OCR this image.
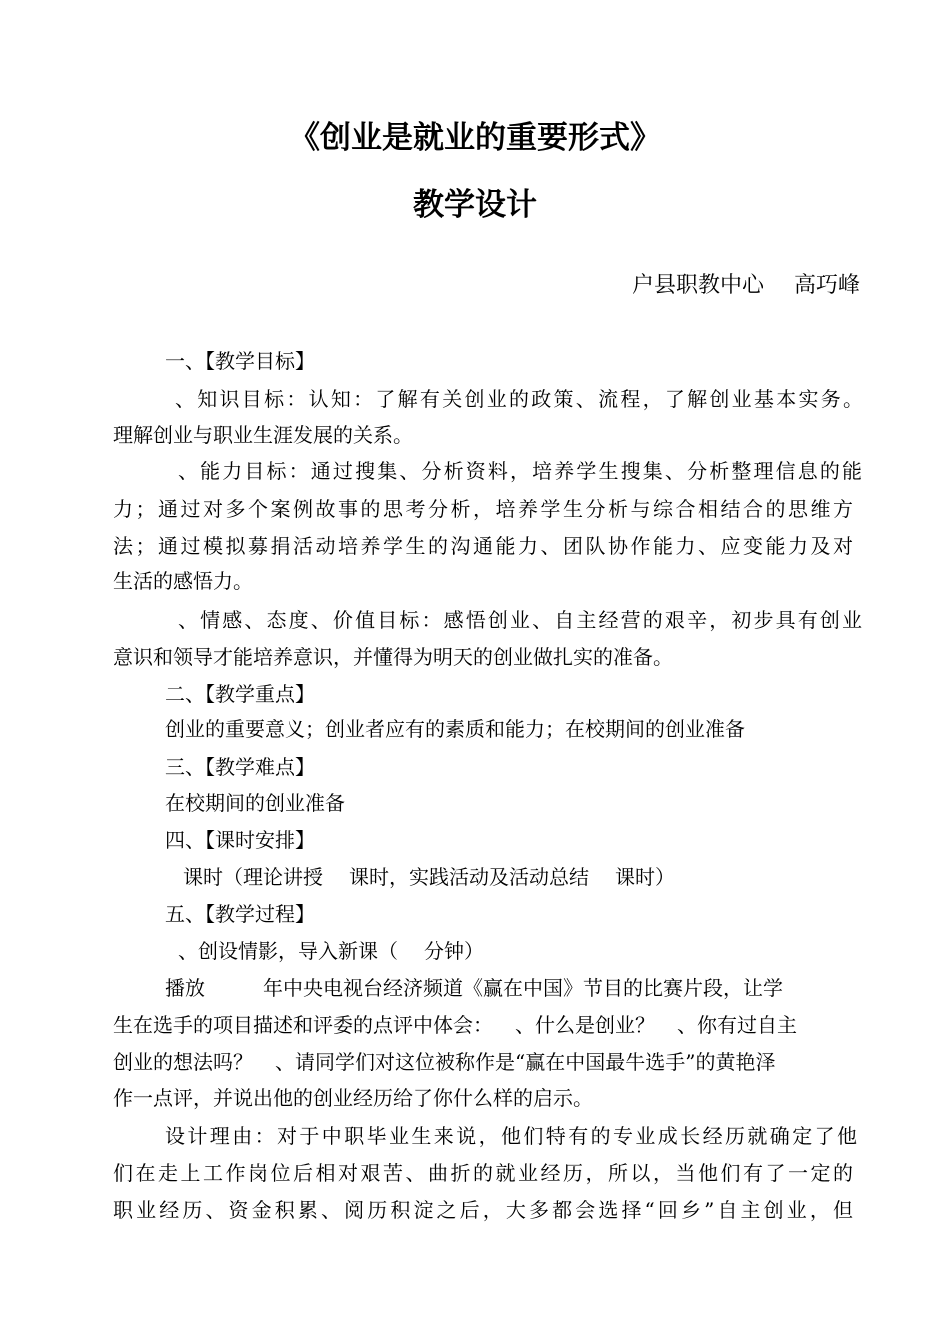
《创业是就业的重要形式》
教学设计
户县职教中心 高巧峰
一、【教学目标】
、知识目标：认知：了解有关创业的政策、流程，了解创业基本实务。
理解创业与职业生涯发展的关系。
、能力目标：通过搜集、分析资料，培养学生搜集、分析整理信息的能
力；通过对多个案例故事的思考分析，培养学生分析与综合相结合的思维方
法；通过模拟募捐活动培养学生的沟通能力、团队协作能力、应变能力及对
生活的感悟力。
、情感、态度、价值目标：感悟创业、自主经营的艰辛，初步具有创业
意识和领导才能培养意识，并懂得为明天的创业做扎实的准备。
二、【教学重点】
创业的重要意义；创业者应有的素质和能力；在校期间的创业准备
三、【教学难点】
在校期间的创业准备
四、【课时安排】
课时（理论讲授 课时，实践活动及活动总结 课时）
五、【教学过程】
、创设情影，导入新课（ 分钟）
播放	年中央电视台经济频道《赢在中国》节目的比赛片段，让学
生在选手的项目描述和评委的点评中体会： 、什么是创业？ 、你有过自主
创业的想法吗？ 、请同学们对这位被称作是“赢在中国最牛选手”的黄艳泽
作一点评，并说出他的创业经历给了你什么样的启示。
设计理由：对于中职毕业生来说，他们特有的专业成长经历就确定了他
们在走上工作岗位后相对艰苦、曲折的就业经历，所以，当他们有了一定的
职业经历、资金积累、阅历积淀之后，大多都会选择“回乡”自主创业，但
